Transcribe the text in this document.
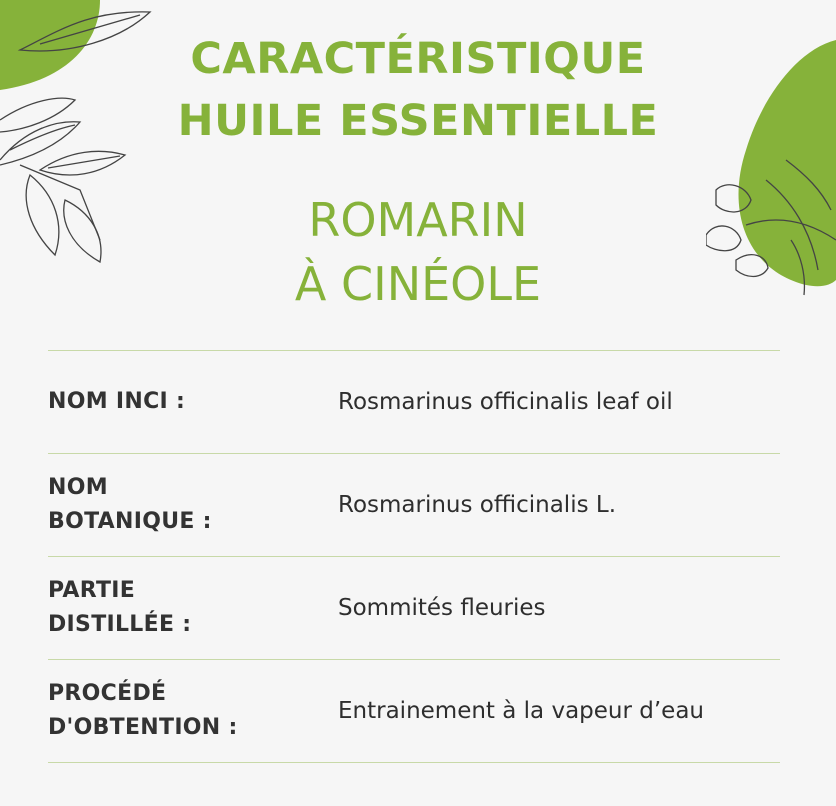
CARACTÉRISTIQUE
HUILE ESSENTIELLE
ROMARIN
À CINÉOLE
NOM INCI :	Rosmarinus officinalis leaf oil
NOM
BOTANIQUE :
Rosmarinus officinalis L.
PARTIE
DISTILLÉE :
Sommités fleuries
PROCÉDÉ
D'OBTENTION :
Entrainement à la vapeur d’eau
